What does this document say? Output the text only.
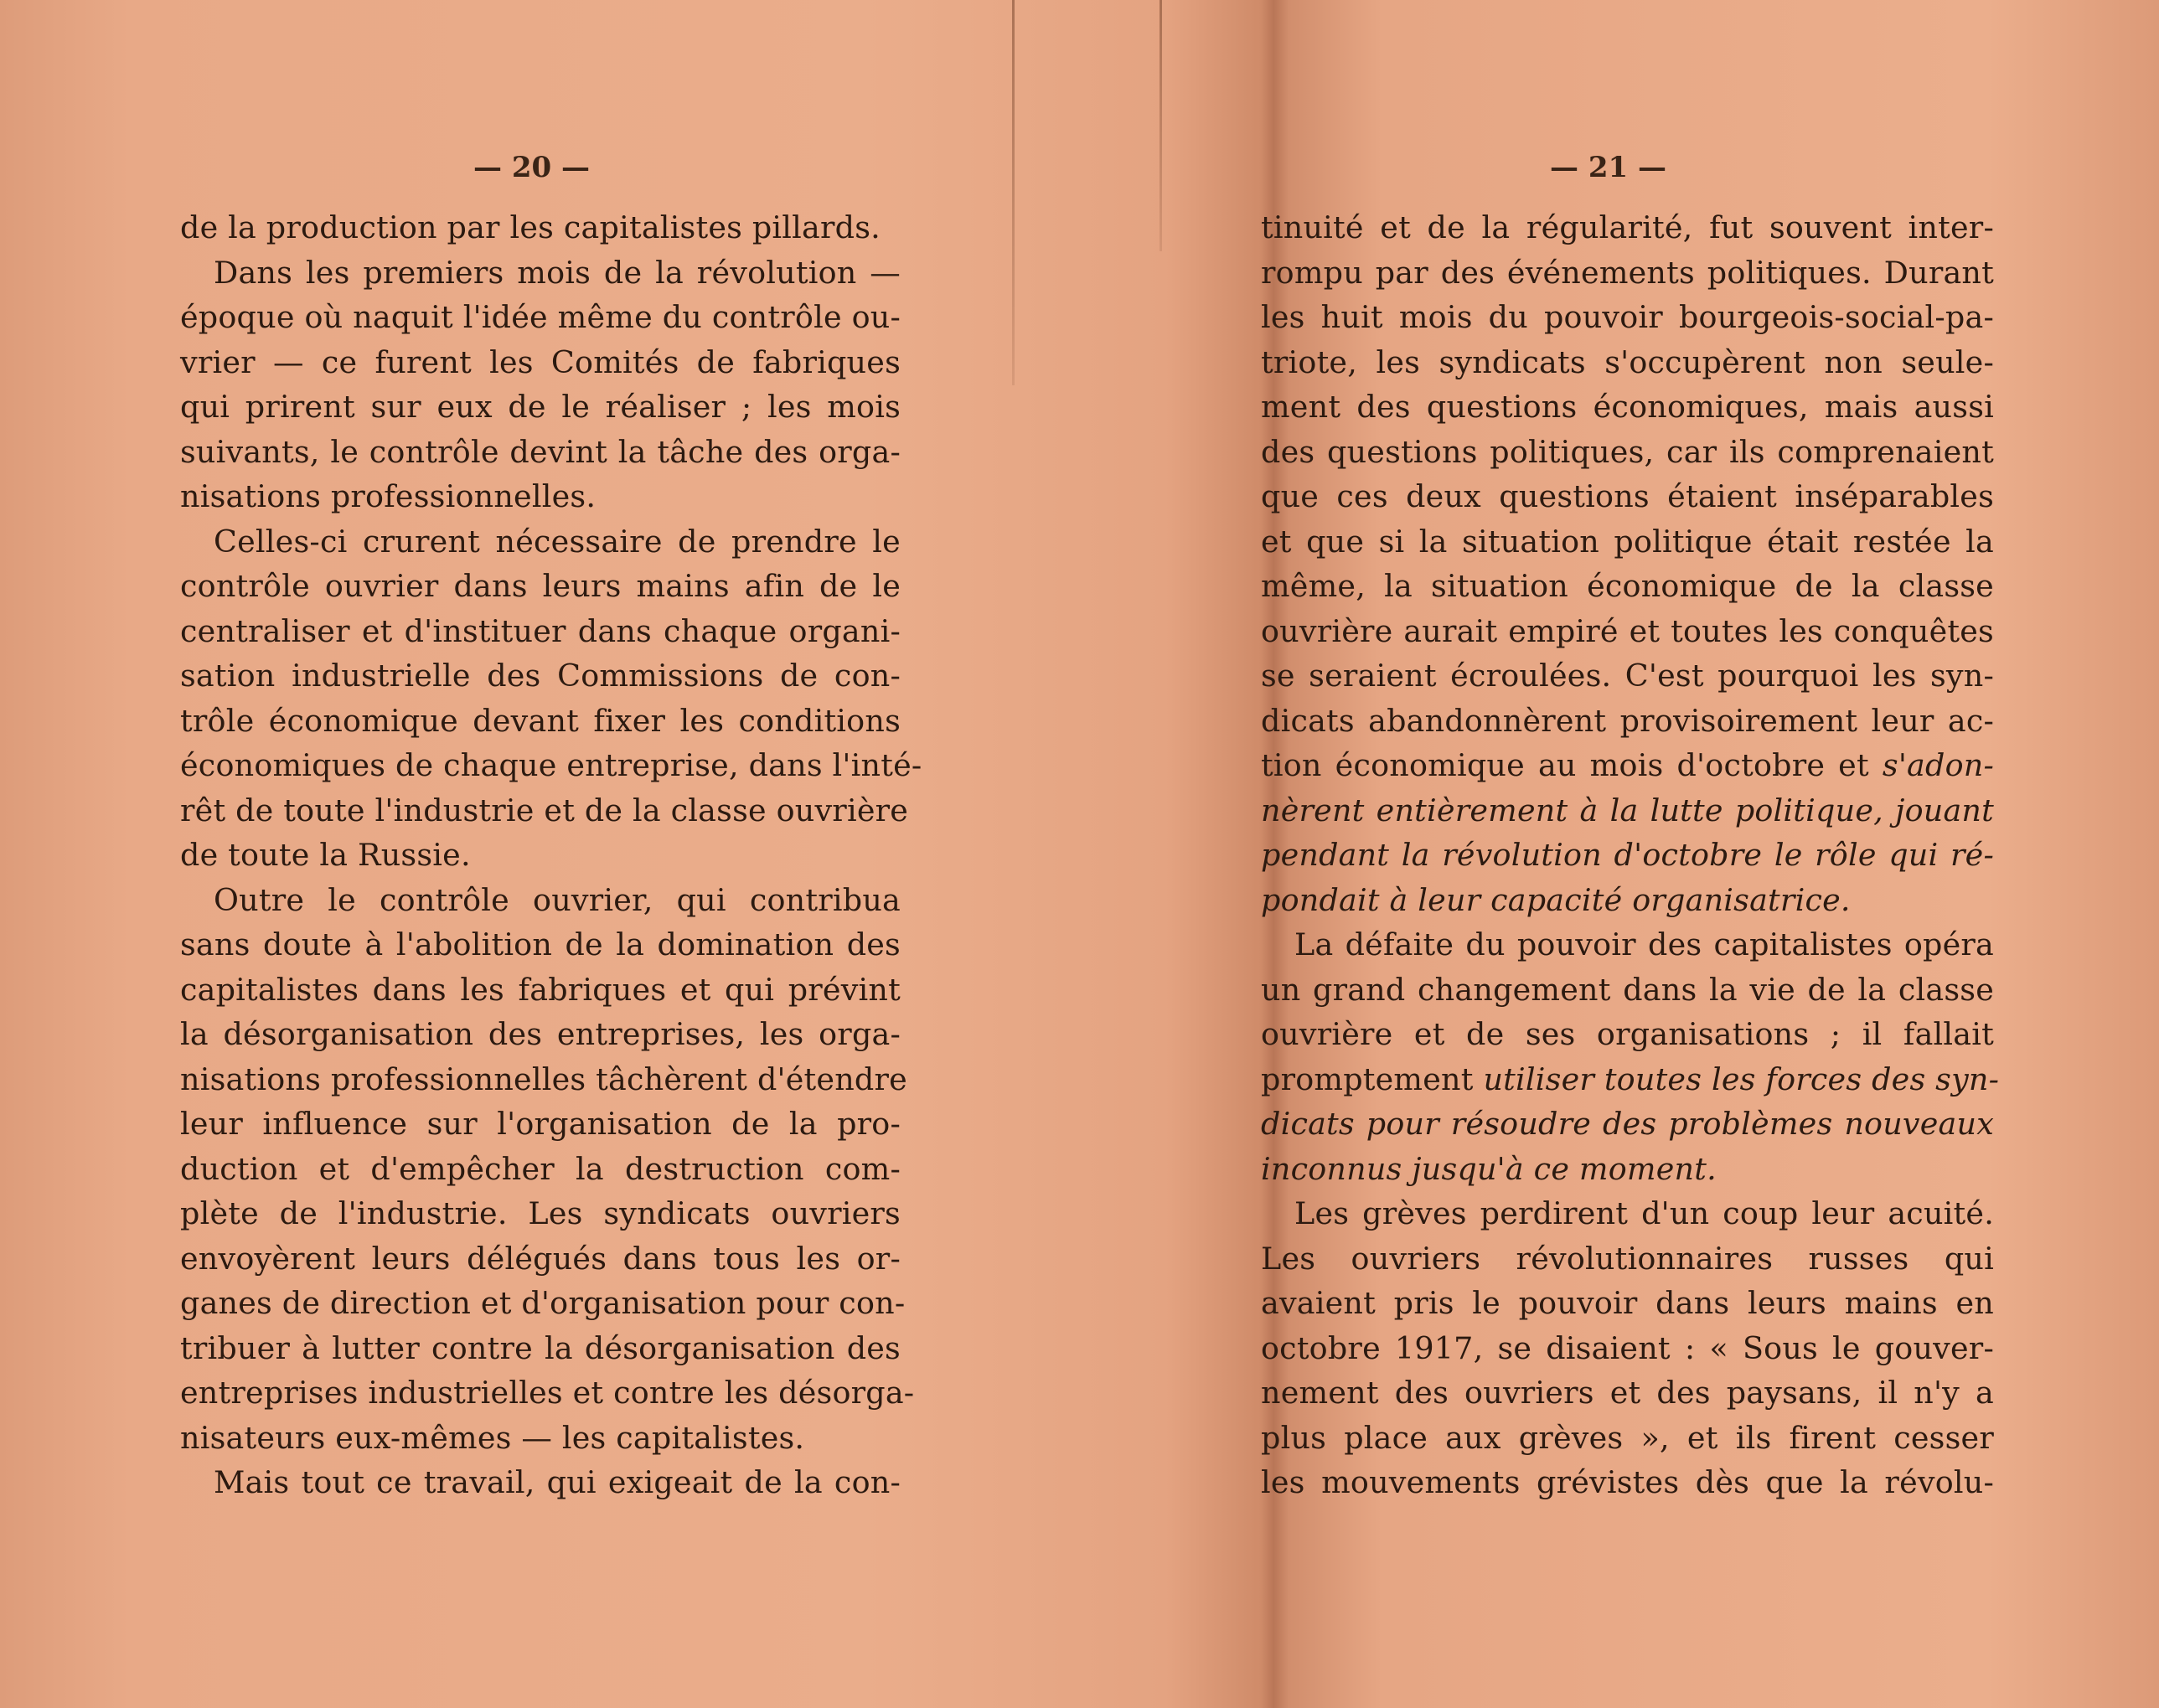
— 20 —
de la production par les capitalistes pillards.
Dans les premiers mois de la révolution —
époque où naquit l'idée même du contrôle ou-
vrier — ce furent les Comités de fabriques
qui prirent sur eux de le réaliser ; les mois
suivants, le contrôle devint la tâche des orga-
nisations professionnelles.
Celles-ci crurent nécessaire de prendre le
contrôle ouvrier dans leurs mains afin de le
centraliser et d'instituer dans chaque organi-
sation industrielle des Commissions de con-
trôle économique devant fixer les conditions
économiques de chaque entreprise, dans l'inté-
rêt de toute l'industrie et de la classe ouvrière
de toute la Russie.
Outre le contrôle ouvrier, qui contribua
sans doute à l'abolition de la domination des
capitalistes dans les fabriques et qui prévint
la désorganisation des entreprises, les orga-
nisations professionnelles tâchèrent d'étendre
leur influence sur l'organisation de la pro-
duction et d'empêcher la destruction com-
plète de l'industrie. Les syndicats ouvriers
envoyèrent leurs délégués dans tous les or-
ganes de direction et d'organisation pour con-
tribuer à lutter contre la désorganisation des
entreprises industrielles et contre les désorga-
nisateurs eux-mêmes — les capitalistes.
Mais tout ce travail, qui exigeait de la con-
— 21 —
tinuité et de la régularité, fut souvent inter-
rompu par des événements politiques. Durant
les huit mois du pouvoir bourgeois-social-pa-
triote, les syndicats s'occupèrent non seule-
ment des questions économiques, mais aussi
des questions politiques, car ils comprenaient
que ces deux questions étaient inséparables
et que si la situation politique était restée la
même, la situation économique de la classe
ouvrière aurait empiré et toutes les conquêtes
se seraient écroulées. C'est pourquoi les syn-
dicats abandonnèrent provisoirement leur ac-
tion économique au mois d'octobre et s'adon-
nèrent entièrement à la lutte politique, jouant
pendant la révolution d'octobre le rôle qui ré-
pondait à leur capacité organisatrice.
La défaite du pouvoir des capitalistes opéra
un grand changement dans la vie de la classe
ouvrière et de ses organisations ; il fallait
promptement utiliser toutes les forces des syn-
dicats pour résoudre des problèmes nouveaux
inconnus jusqu'à ce moment.
Les grèves perdirent d'un coup leur acuité.
Les ouvriers révolutionnaires russes qui
avaient pris le pouvoir dans leurs mains en
octobre 1917, se disaient : « Sous le gouver-
nement des ouvriers et des paysans, il n'y a
plus place aux grèves », et ils firent cesser
les mouvements grévistes dès que la révolu-
